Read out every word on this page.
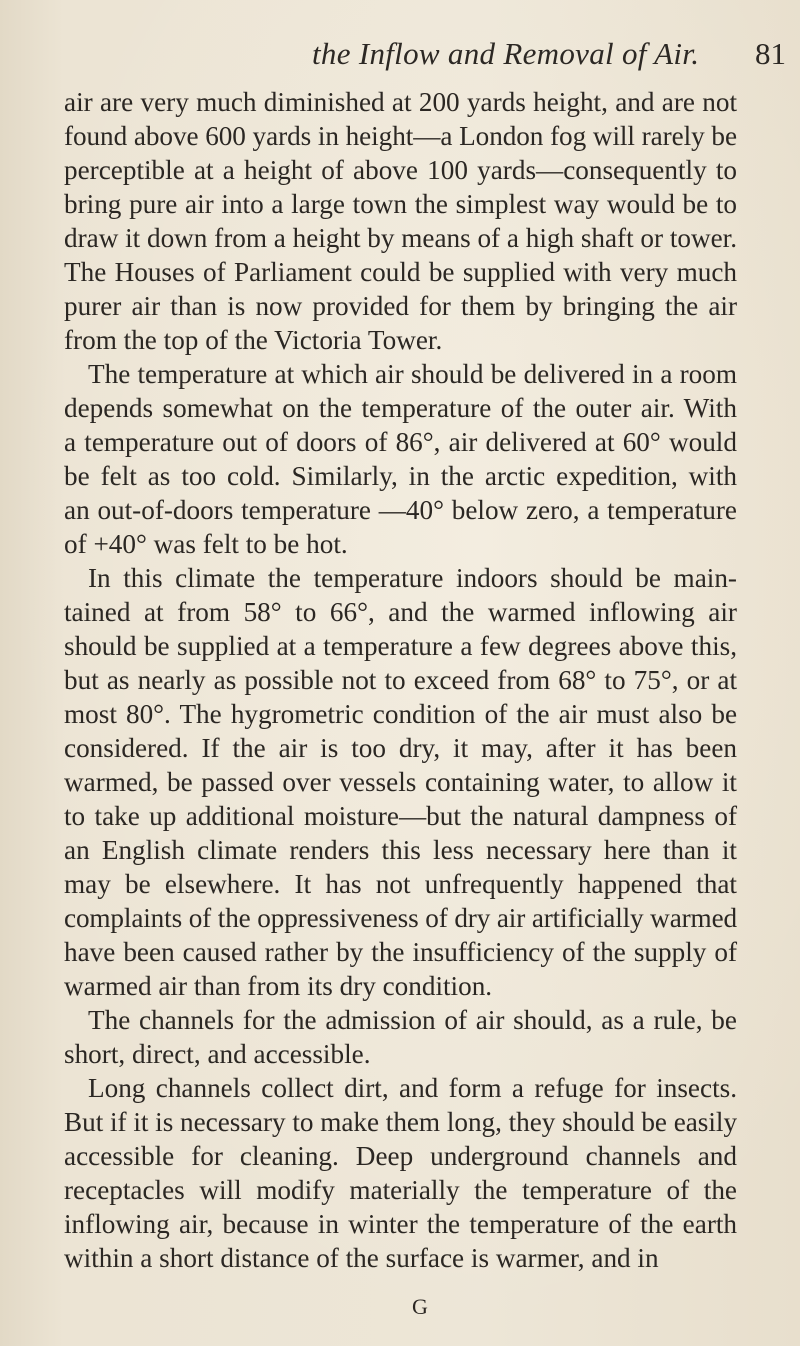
the Inflow and Removal of Air. 81
air are very much diminished at 200 yards height, and are not
found above 600 yards in height—a London fog will rarely be
perceptible at a height of above 100 yards—consequently to
bring pure air into a large town the simplest way would be to
draw it down from a height by means of a high shaft or tower.
The Houses of Parliament could be supplied with very much
purer air than is now provided for them by bringing the air
from the top of the Victoria Tower.
The temperature at which air should be delivered in a room
depends somewhat on the temperature of the outer air. With
a temperature out of doors of 86°, air delivered at 60° would
be felt as too cold. Similarly, in the arctic expedition, with
an out-of-doors temperature —40° below zero, a temperature
of +40° was felt to be hot.
In this climate the temperature indoors should be main-
tained at from 58° to 66°, and the warmed inflowing air
should be supplied at a temperature a few degrees above this,
but as nearly as possible not to exceed from 68° to 75°, or at
most 80°. The hygrometric condition of the air must also be
considered. If the air is too dry, it may, after it has been
warmed, be passed over vessels containing water, to allow it
to take up additional moisture—but the natural dampness of
an English climate renders this less necessary here than it
may be elsewhere. It has not unfrequently happened that
complaints of the oppressiveness of dry air artificially warmed
have been caused rather by the insufficiency of the supply of
warmed air than from its dry condition.
The channels for the admission of air should, as a rule, be
short, direct, and accessible.
Long channels collect dirt, and form a refuge for insects.
But if it is necessary to make them long, they should be easily
accessible for cleaning. Deep underground channels and
receptacles will modify materially the temperature of the
inflowing air, because in winter the temperature of the earth
within a short distance of the surface is warmer, and in
G
